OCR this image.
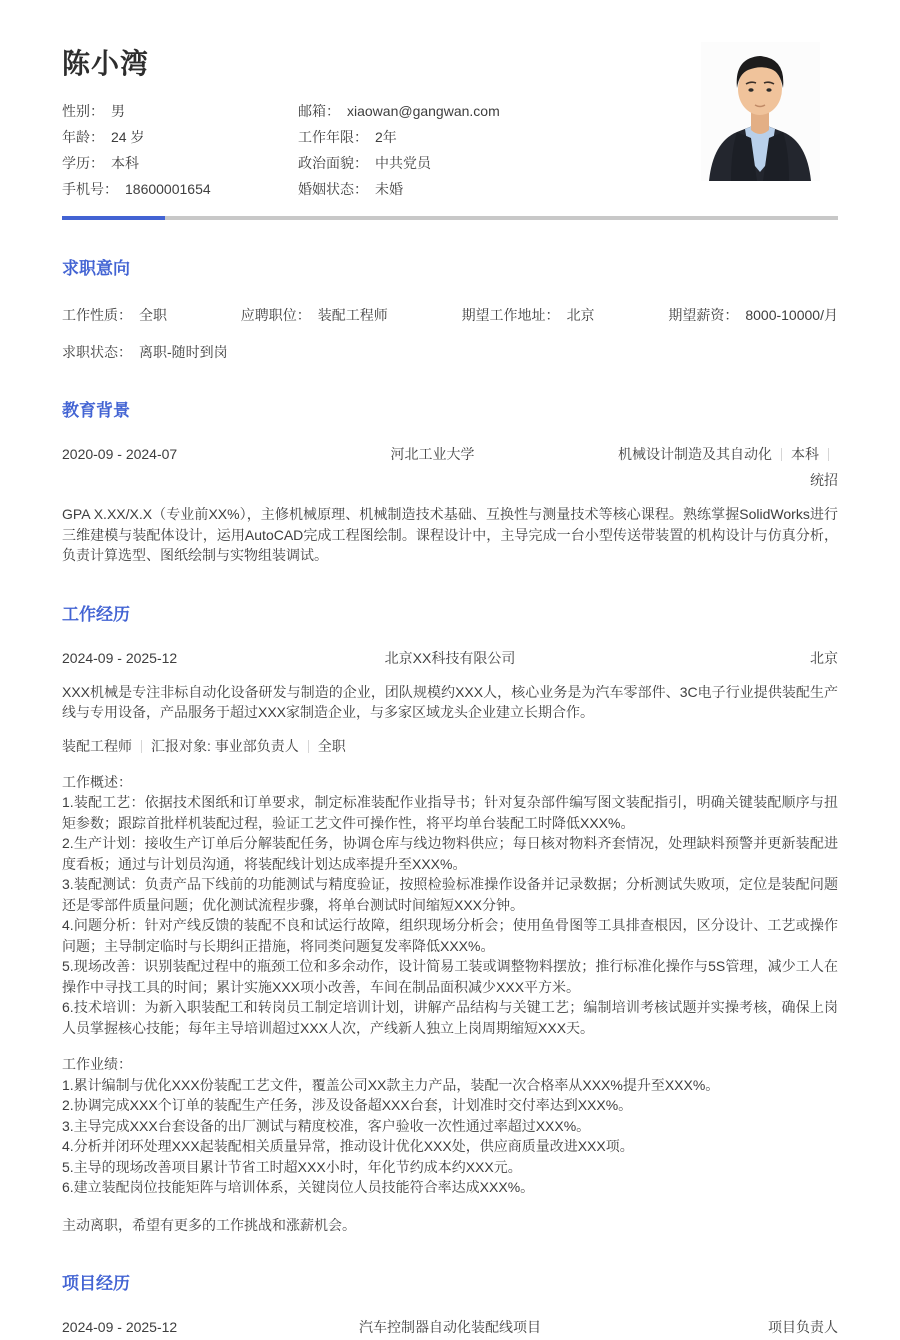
陈小湾
性别： 男	邮箱： xiaowan@gangwan.com
年龄： 24 岁	工作年限： 2年
学历： 本科	政治面貌： 中共党员
手机号： 18600001654	婚姻状态： 未婚
求职意向
工作性质： 全职	应聘职位： 装配工程师	期望工作地址： 北京	期望薪资： 8000-10000/月
求职状态： 离职-随时到岗
教育背景
2020-09 - 2024-07	河北工业大学	机械设计制造及其自动化 本科
统招

GPA X.XX/X.X（专业前XX%），主修机械原理、机械制造技术基础、互换性与测量技术等核心课程。熟练掌握SolidWorks进行三维建模与装配体设计，运用AutoCAD完成工程图绘制。课程设计中，主导完成一台小型传送带装置的机构设计与仿真分析，负责计算选型、图纸绘制与实物组装调试。

工作经历
2024-09 - 2025-12	北京XX科技有限公司	北京

XXX机械是专注非标自动化设备研发与制造的企业，团队规模约XXX人，核心业务是为汽车零部件、3C电子行业提供装配生产线与专用设备，产品服务于超过XXX家制造企业，与多家区域龙头企业建立长期合作。

装配工程师 汇报对象: 事业部负责人 全职

工作概述：

1.装配工艺：依据技术图纸和订单要求，制定标准装配作业指导书；针对复杂部件编写图文装配指引，明确关键装配顺序与扭矩参数；跟踪首批样机装配过程，验证工艺文件可操作性，将平均单台装配工时降低XXX%。

2.生产计划：接收生产订单后分解装配任务，协调仓库与线边物料供应；每日核对物料齐套情况，处理缺料预警并更新装配进度看板；通过与计划员沟通，将装配线计划达成率提升至XXX%。

3.装配测试：负责产品下线前的功能测试与精度验证，按照检验标准操作设备并记录数据；分析测试失败项，定位是装配问题还是零部件质量问题；优化测试流程步骤，将单台测试时间缩短XXX分钟。

4.问题分析：针对产线反馈的装配不良和试运行故障，组织现场分析会；使用鱼骨图等工具排查根因，区分设计、工艺或操作问题；主导制定临时与长期纠正措施，将同类问题复发率降低XXX%。

5.现场改善：识别装配过程中的瓶颈工位和多余动作，设计简易工装或调整物料摆放；推行标准化操作与5S管理，减少工人在操作中寻找工具的时间；累计实施XXX项小改善，车间在制品面积减少XXX平方米。

6.技术培训：为新入职装配工和转岗员工制定培训计划，讲解产品结构与关键工艺；编制培训考核试题并实操考核，确保上岗人员掌握核心技能；每年主导培训超过XXX人次，产线新人独立上岗周期缩短XXX天。

工作业绩：

1.累计编制与优化XXX份装配工艺文件，覆盖公司XX款主力产品，装配一次合格率从XXX%提升至XXX%。

2.协调完成XXX个订单的装配生产任务，涉及设备超XXX台套，计划准时交付率达到XXX%。

3.主导完成XXX台套设备的出厂测试与精度校准，客户验收一次性通过率超过XXX%。

4.分析并闭环处理XXX起装配相关质量异常，推动设计优化XXX处，供应商质量改进XXX项。

5.主导的现场改善项目累计节省工时超XXX小时，年化节约成本约XXX元。

6.建立装配岗位技能矩阵与培训体系，关键岗位人员技能符合率达成XXX%。

主动离职，希望有更多的工作挑战和涨薪机会。

项目经历
2024-09 - 2025-12	汽车控制器自动化装配线项目	项目负责人
